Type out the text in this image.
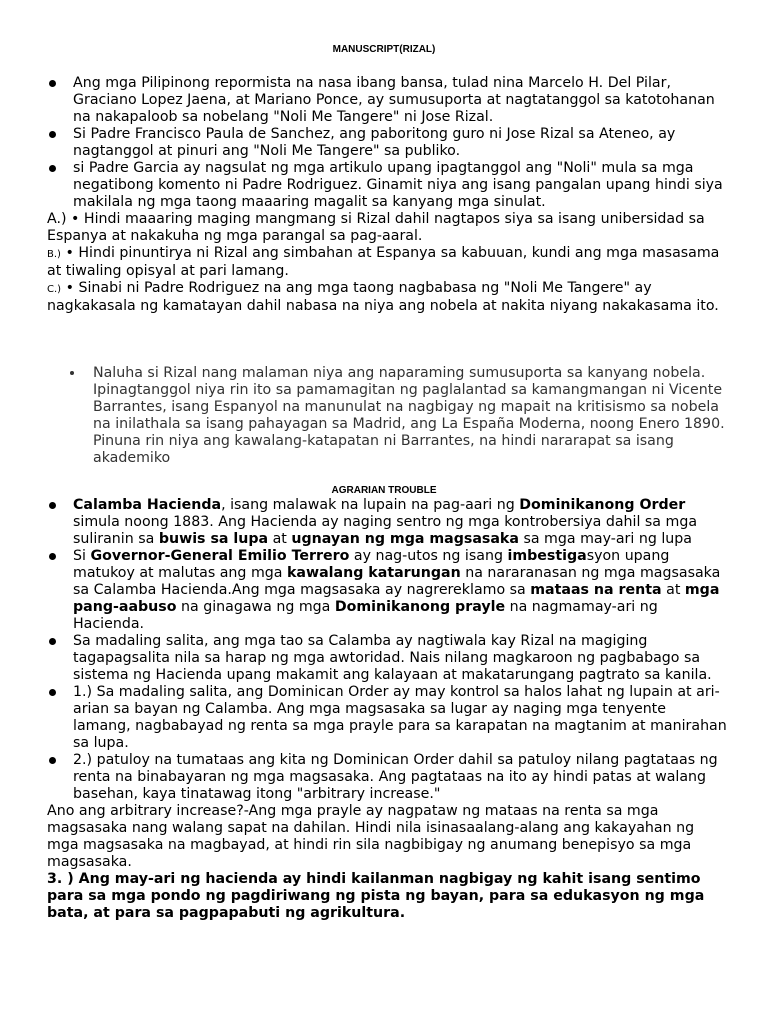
MANUSCRIPT(RIZAL)
Ang mga Pilipinong repormista na nasa ibang bansa, tulad nina Marcelo H. Del Pilar, Graciano Lopez Jaena, at Mariano Ponce, ay sumusuporta at nagtatanggol sa katotohanan na nakapaloob sa nobelang "Noli Me Tangere" ni Jose Rizal.
Si Padre Francisco Paula de Sanchez, ang paboritong guro ni Jose Rizal sa Ateneo, ay nagtanggol at pinuri ang "Noli Me Tangere" sa publiko.
si Padre Garcia ay nagsulat ng mga artikulo upang ipagtanggol ang "Noli" mula sa mga negatibong komento ni Padre Rodriguez. Ginamit niya ang isang pangalan upang hindi siya makilala ng mga taong maaaring magalit sa kanyang mga sinulat.

A.) • Hindi maaaring maging mangmang si Rizal dahil nagtapos siya sa isang unibersidad sa Espanya at nakakuha ng mga parangal sa pag-aaral.

B.) • Hindi pinuntirya ni Rizal ang simbahan at Espanya sa kabuuan, kundi ang mga masasama at tiwaling opisyal at pari lamang.

C.) • Sinabi ni Padre Rodriguez na ang mga taong nagbabasa ng "Noli Me Tangere" ay nagkakasala ng kamatayan dahil nabasa na niya ang nobela at nakita niyang nakakasama ito.

Naluha si Rizal nang malaman niya ang naparaming sumusuporta sa kanyang nobela. Ipinagtanggol niya rin ito sa pamamagitan ng paglalantad sa kamangmangan ni Vicente Barrantes, isang Espanyol na manunulat na nagbigay ng mapait na kritisismo sa nobela na inilathala sa isang pahayagan sa Madrid, ang La España Moderna, noong Enero 1890. Pinuna rin niya ang kawalang-katapatan ni Barrantes, na hindi nararapat sa isang akademiko
AGRARIAN TROUBLE
Calamba Hacienda, isang malawak na lupain na pag-aari ng Dominikanong Order simula noong 1883. Ang Hacienda ay naging sentro ng mga kontrobersiya dahil sa mga suliranin sa buwis sa lupa at ugnayan ng mga magsasaka sa mga may-ari ng lupa
Si Governor-General Emilio Terrero ay nag-utos ng isang imbestigasyon upang matukoy at malutas ang mga kawalang katarungan na nararanasan ng mga magsasaka sa Calamba Hacienda.Ang mga magsasaka ay nagrereklamo sa mataas na renta at mga pang-aabuso na ginagawa ng mga Dominikanong prayle na nagmamay-ari ng Hacienda.
Sa madaling salita, ang mga tao sa Calamba ay nagtiwala kay Rizal na magiging tagapagsalita nila sa harap ng mga awtoridad. Nais nilang magkaroon ng pagbabago sa sistema ng Hacienda upang makamit ang kalayaan at makatarungang pagtrato sa kanila.
1.) Sa madaling salita, ang Dominican Order ay may kontrol sa halos lahat ng lupain at ari-arian sa bayan ng Calamba. Ang mga magsasaka sa lugar ay naging mga tenyente lamang, nagbabayad ng renta sa mga prayle para sa karapatan na magtanim at manirahan sa lupa.
2.) patuloy na tumataas ang kita ng Dominican Order dahil sa patuloy nilang pagtataas ng renta na binabayaran ng mga magsasaka. Ang pagtataas na ito ay hindi patas at walang basehan, kaya tinatawag itong "arbitrary increase."

Ano ang arbitrary increase?-Ang mga prayle ay nagpataw ng mataas na renta sa mga magsasaka nang walang sapat na dahilan. Hindi nila isinasaalang-alang ang kakayahan ng mga magsasaka na magbayad, at hindi rin sila nagbibigay ng anumang benepisyo sa mga magsasaka.

3. ) Ang may-ari ng hacienda ay hindi kailanman nagbigay ng kahit isang sentimo para sa mga pondo ng pagdiriwang ng pista ng bayan, para sa edukasyon ng mga bata, at para sa pagpapabuti ng agrikultura.
